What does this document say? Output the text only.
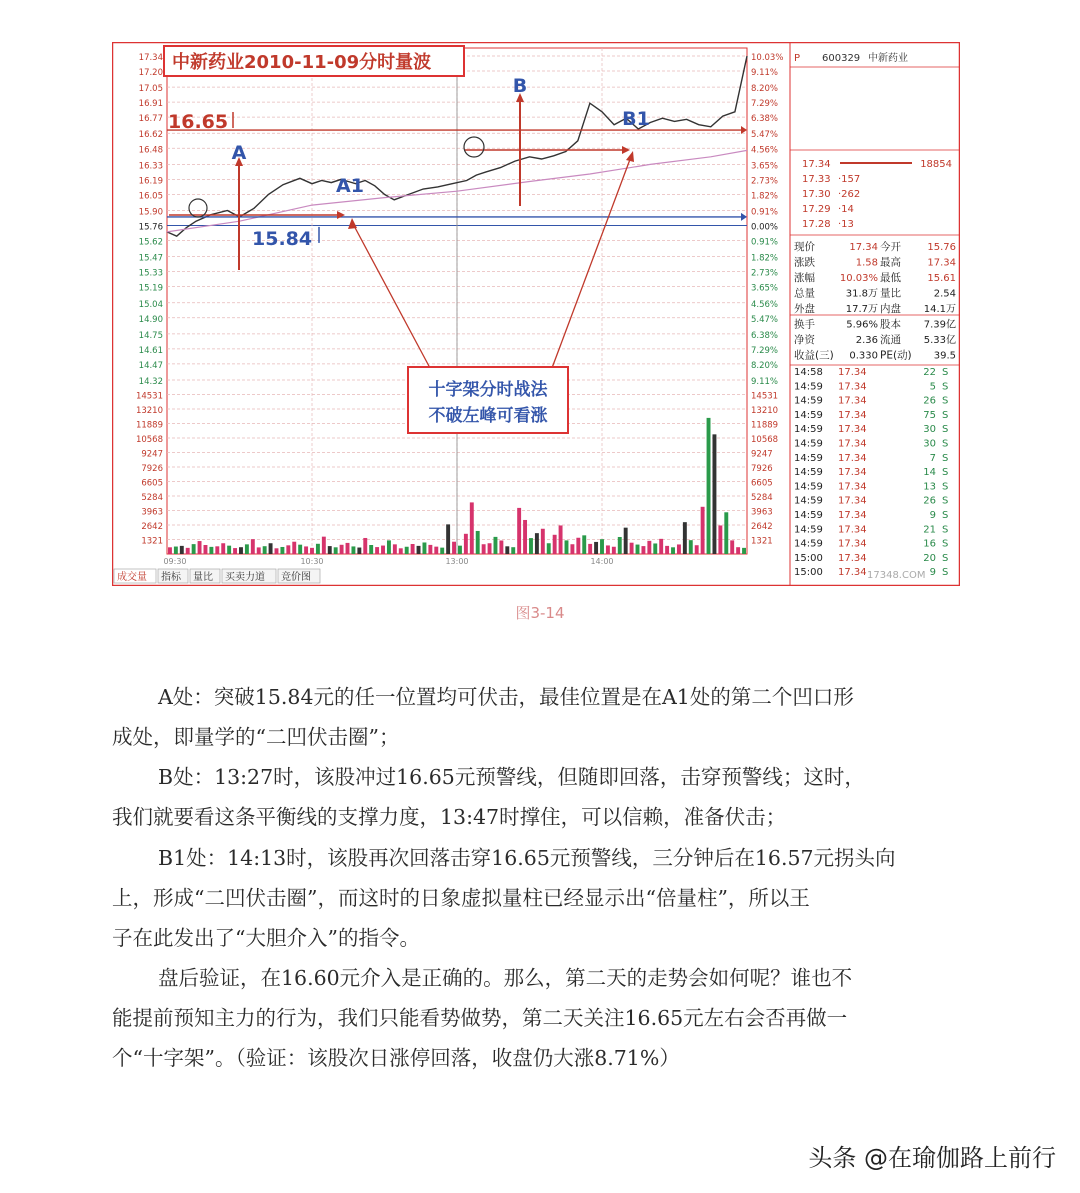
17.34	10.03%
17.20	9.11%
17.05	8.20%
16.91	7.29%
16.77	6.38%
16.62	5.47%
16.48	4.56%
16.33	3.65%
16.19	2.73%
16.05	1.82%
15.90	0.91%
15.76	0.00%
15.62	0.91%
15.47	1.82%
15.33	2.73%
15.19	3.65%
15.04	4.56%
14.90	5.47%
14.75	6.38%
14.61	7.29%
14.47	8.20%
14.32	9.11%
14531	14531
13210	13210
11889	11889
10568	10568
9247	9247
7926	7926
6605	6605
5284	5284
3963	3963
2642	2642
1321	1321
09:30	10:30	13:00	14:00
中新药业2010-11-09分时量波
16.65
15.84
A
A1
B
B1
十字架分时战法
不破左峰可看涨
成交量 指标 量比 买卖力道 竞价图	17348.COM
P 600329 中新药业
17.34	18854
17.33 ·157
17.30 ·262
17.29 ·14
17.28 ·13
现价	17.34 今开	15.76
涨跌	1.58 最高	17.34
涨幅 10.03% 最低	15.61
总量	31.8万 量比	2.54
外盘	17.7万 内盘 14.1万
换手	5.96% 股本 7.39亿
净资	2.36 流通 5.33亿
收益(三) 0.330 PE(动) 39.5
14:58 17.34	22 S
14:59 17.34	5 S
14:59 17.34	26 S
14:59 17.34	75 S
14:59 17.34	30 S
14:59 17.34	30 S
14:59 17.34	7 S
14:59 17.34	14 S
14:59 17.34	13 S
14:59 17.34	26 S
14:59 17.34	9 S
14:59 17.34	21 S
14:59 17.34	16 S
15:00 17.34	20 S
15:00 17.34	9 S
图3-14

A处：突破15.84元的任一位置均可伏击，最佳位置是在A1处的第二个凹口形
成处，即量学的“二凹伏击圈”；

B处：13:27时，该股冲过16.65元预警线，但随即回落，击穿预警线；这时，
我们就要看这条平衡线的支撑力度，13:47时撑住，可以信赖，准备伏击；

B1处：14:13时，该股再次回落击穿16.65元预警线，三分钟后在16.57元拐头向
上，形成“二凹伏击圈”，而这时的日象虚拟量柱已经显示出“倍量柱”，所以王
子在此发出了“大胆介入”的指令。

盘后验证，在16.60元介入是正确的。那么，第二天的走势会如何呢？谁也不
能提前预知主力的行为，我们只能看势做势，第二天关注16.65元左右会否再做一
个“十字架”。（验证：该股次日涨停回落，收盘仍大涨8.71%）

头条 @在瑜伽路上前行
